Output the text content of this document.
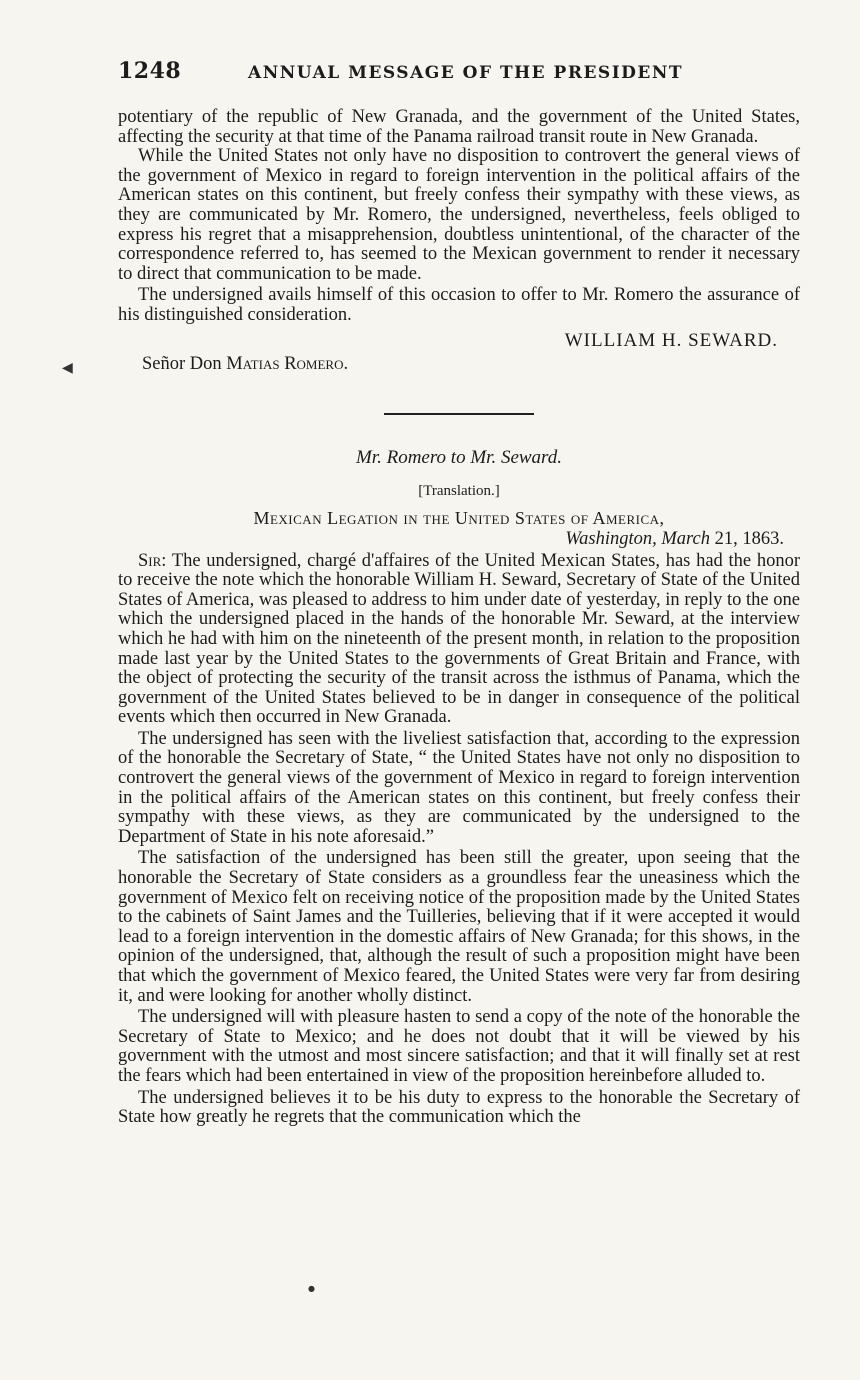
◀
●
1248	ANNUAL MESSAGE OF THE PRESIDENT

potentiary of the republic of New Granada, and the government of the United States, affecting the security at that time of the Panama railroad transit route in New Granada.

While the United States not only have no disposition to controvert the general views of the government of Mexico in regard to foreign intervention in the political affairs of the American states on this continent, but freely confess their sympathy with these views, as they are communicated by Mr. Romero, the undersigned, nevertheless, feels obliged to express his regret that a misapprehension, doubtless unintentional, of the character of the correspondence referred to, has seemed to the Mexican government to render it necessary to direct that communication to be made.

The undersigned avails himself of this occasion to offer to Mr. Romero the assurance of his distinguished consideration.

WILLIAM H. SEWARD.
Señor Don Matias Romero.

Mr. Romero to Mr. Seward.

[Translation.]

Mexican Legation in the United States of America,

Washington, March 21, 1863.

Sir: The undersigned, chargé d'affaires of the United Mexican States, has had the honor to receive the note which the honorable William H. Seward, Secretary of State of the United States of America, was pleased to address to him under date of yesterday, in reply to the one which the undersigned placed in the hands of the honorable Mr. Seward, at the interview which he had with him on the nineteenth of the present month, in relation to the proposition made last year by the United States to the governments of Great Britain and France, with the object of protecting the security of the transit across the isthmus of Panama, which the government of the United States believed to be in danger in consequence of the political events which then occurred in New Granada.

The undersigned has seen with the liveliest satisfaction that, according to the expression of the honorable the Secretary of State, “ the United States have not only no disposition to controvert the general views of the government of Mexico in regard to foreign intervention in the political affairs of the American states on this continent, but freely confess their sympathy with these views, as they are communicated by the undersigned to the Department of State in his note aforesaid.”

The satisfaction of the undersigned has been still the greater, upon seeing that the honorable the Secretary of State considers as a groundless fear the uneasiness which the government of Mexico felt on receiving notice of the proposition made by the United States to the cabinets of Saint James and the Tuilleries, believing that if it were accepted it would lead to a foreign intervention in the domestic affairs of New Granada; for this shows, in the opinion of the undersigned, that, although the result of such a proposition might have been that which the government of Mexico feared, the United States were very far from desiring it, and were looking for another wholly distinct.

The undersigned will with pleasure hasten to send a copy of the note of the honorable the Secretary of State to Mexico; and he does not doubt that it will be viewed by his government with the utmost and most sincere satisfaction; and that it will finally set at rest the fears which had been entertained in view of the proposition hereinbefore alluded to.

The undersigned believes it to be his duty to express to the honorable the Secretary of State how greatly he regrets that the communication which the
